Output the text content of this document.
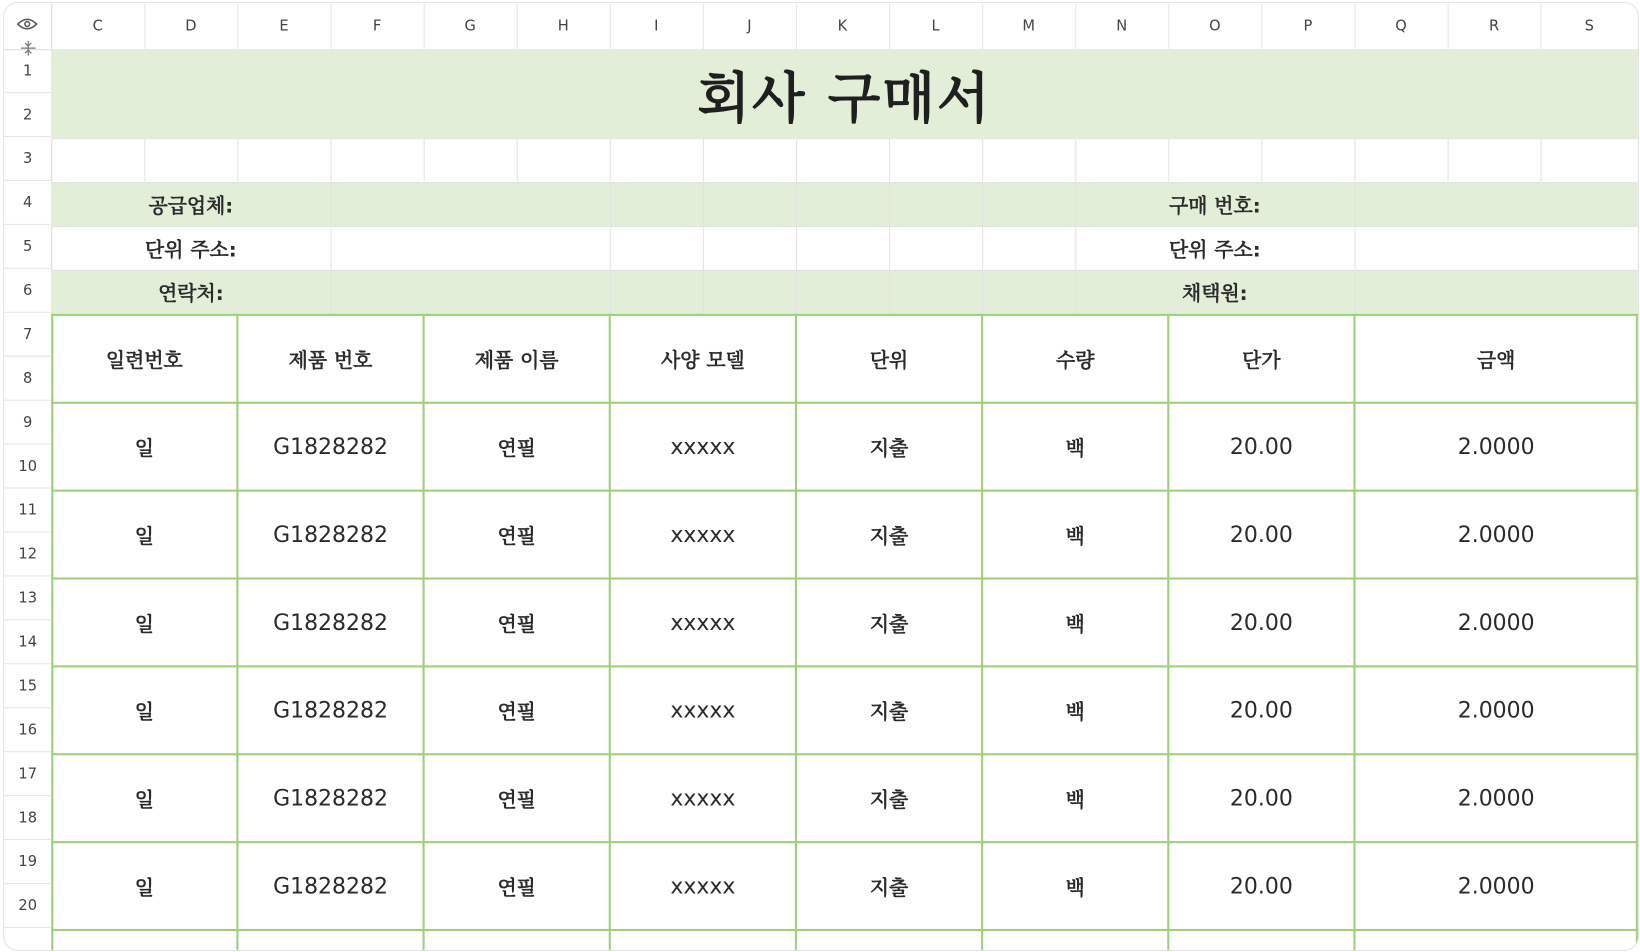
C	D	E	F	G	H	I	J	K	L	M	N	O	P	Q	R	S
1
2
3
4
5
6
7
8
9
10
11
12
13
14
15
16
17
18
19
20
회사 구매서
공급업체:
단위 주소:
연락처:
구매 번호:
단위 주소:
채택원:
일련번호	제품 번호	제품 이름	사양 모델	단위	수량	단가	금액
일	G1828282	연필	xxxxx	지출	백	20.00	2.0000
일	G1828282	연필	xxxxx	지출	백	20.00	2.0000
일	G1828282	연필	xxxxx	지출	백	20.00	2.0000
일	G1828282	연필	xxxxx	지출	백	20.00	2.0000
일	G1828282	연필	xxxxx	지출	백	20.00	2.0000
일	G1828282	연필	xxxxx	지출	백	20.00	2.0000
